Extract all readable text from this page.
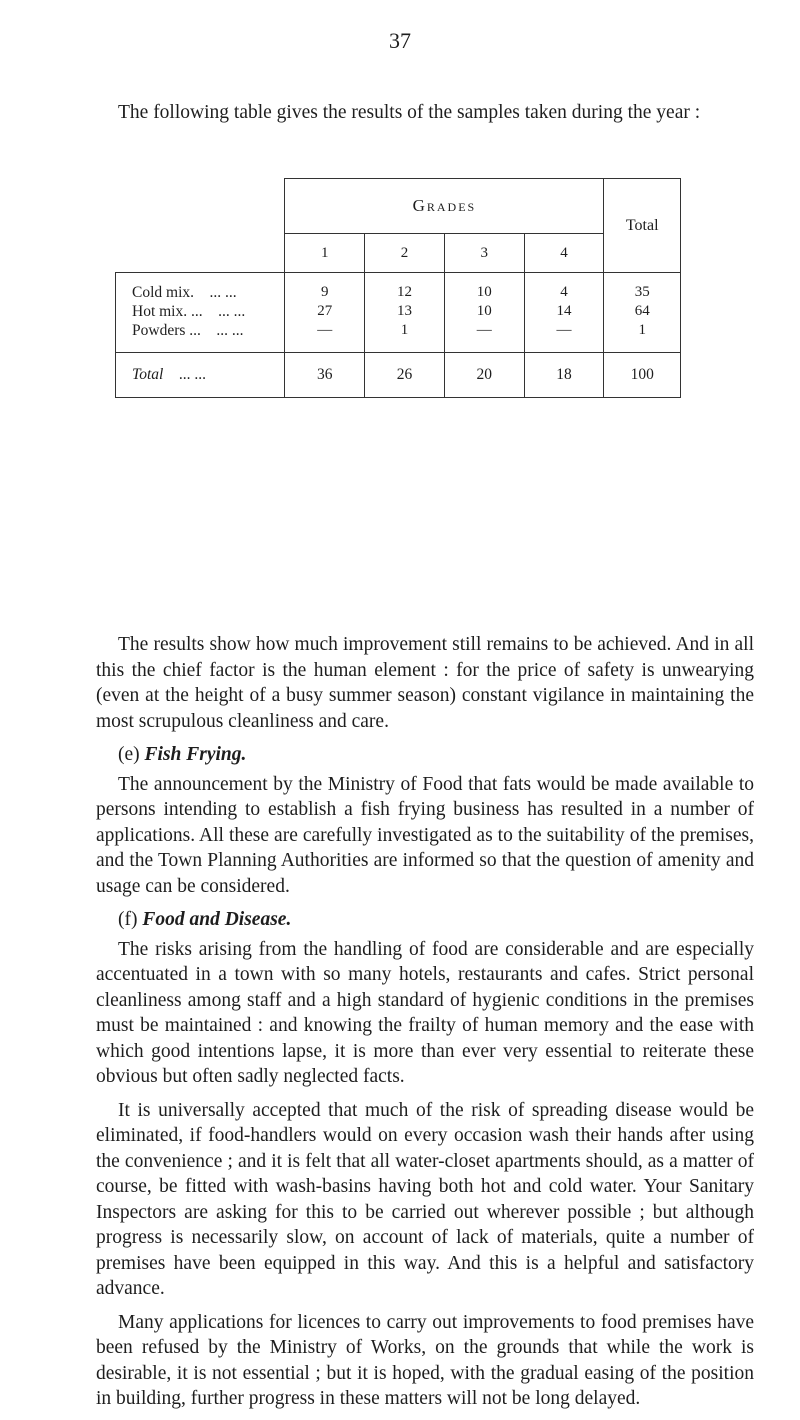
37

The following table gives the results of the samples taken during the year :

	Grades				Total
	1	2	3	4	
Cold mix. ... ...	9	12	10	4	35
Hot mix. ... ... ...	27	13	10	14	64
Powders ... ... ...	—	1	—	—	1
Total ... ...	36	26	20	18	100

The results show how much improvement still remains to be achieved. And in all this the chief factor is the human element : for the price of safety is unwearying (even at the height of a busy summer season) constant vigilance in maintaining the most scrupulous cleanliness and care.

(e) Fish Frying.

The announcement by the Ministry of Food that fats would be made available to persons intending to establish a fish frying business has resulted in a number of applications. All these are carefully investigated as to the suitability of the premises, and the Town Planning Authorities are informed so that the question of amenity and usage can be considered.

(f) Food and Disease.

The risks arising from the handling of food are considerable and are especially accentuated in a town with so many hotels, restaurants and cafes. Strict personal cleanliness among staff and a high standard of hygienic conditions in the premises must be maintained : and knowing the frailty of human memory and the ease with which good intentions lapse, it is more than ever very essential to reiterate these obvious but often sadly neglected facts.

It is universally accepted that much of the risk of spreading disease would be eliminated, if food-handlers would on every occasion wash their hands after using the convenience ; and it is felt that all water-closet apartments should, as a matter of course, be fitted with wash-basins having both hot and cold water. Your Sanitary Inspectors are asking for this to be carried out wherever possible ; but although progress is necessarily slow, on account of lack of materials, quite a number of premises have been equipped in this way. And this is a helpful and satisfactory advance.

Many applications for licences to carry out improvements to food premises have been refused by the Ministry of Works, on the grounds that while the work is desirable, it is not essential ; but it is hoped, with the gradual easing of the position in building, further progress in these matters will not be long delayed.
